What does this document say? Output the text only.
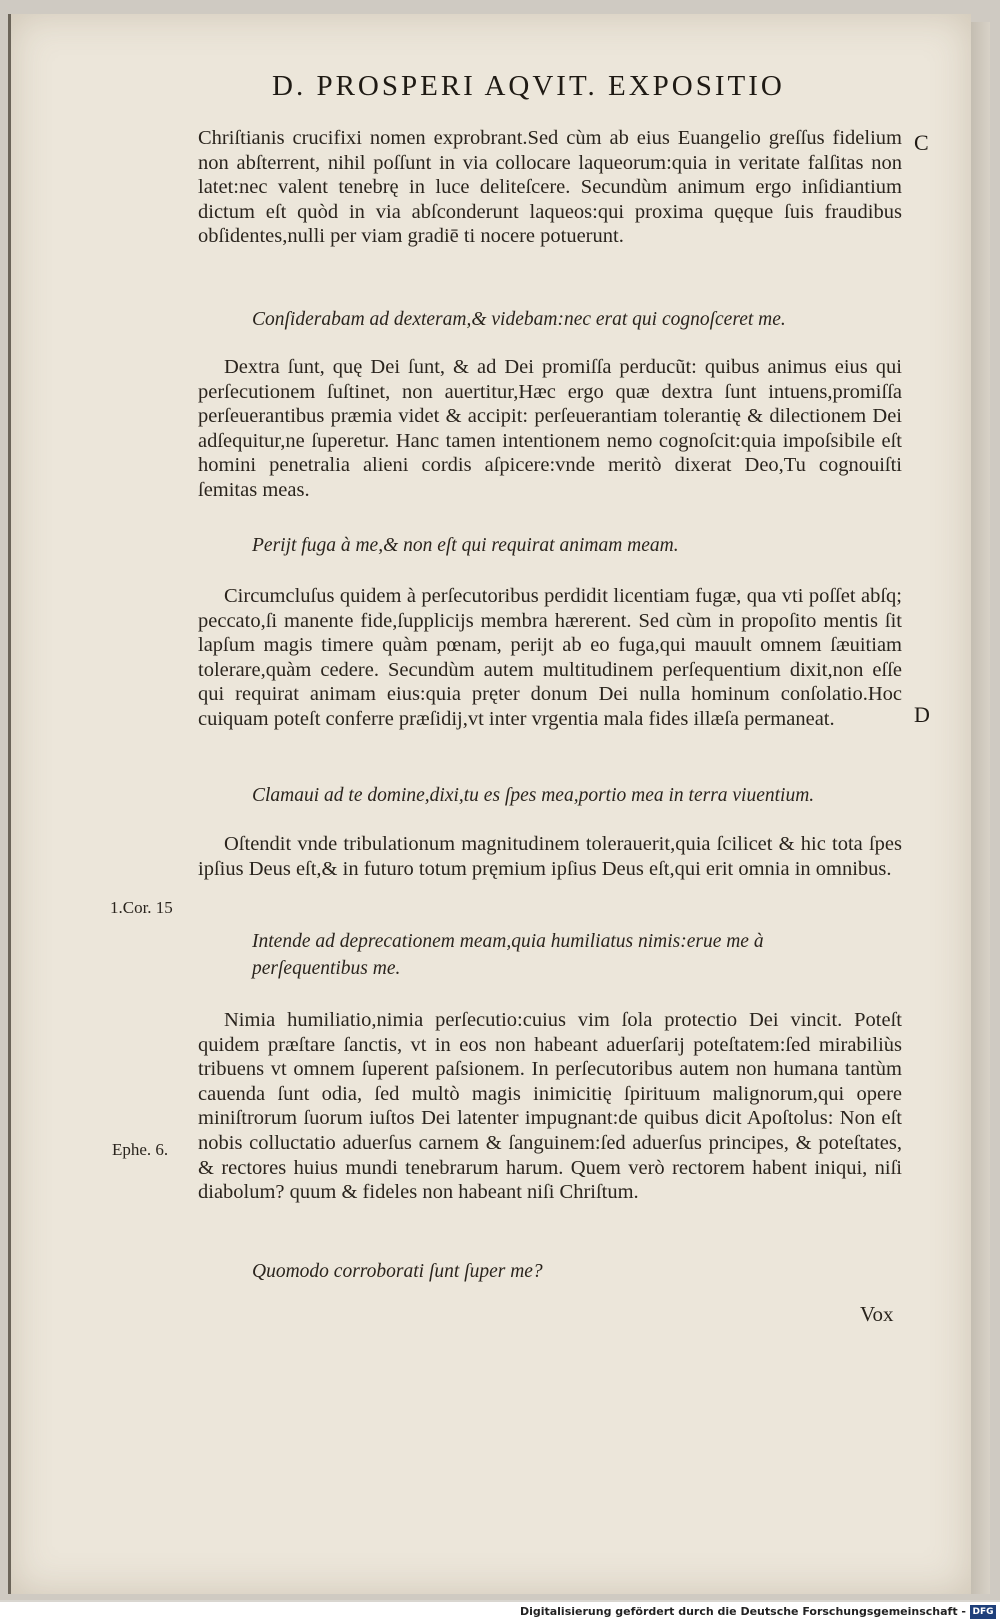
D. PROSPERI AQVIT. EXPOSITIO
C
D
1.Cor. 15
Ephe. 6.
Chriſtianis crucifixi nomen exprobrant.Sed cùm ab eius Euangelio greſſus fidelium non abſterrent, nihil poſſunt in via collocare laqueorum:quia in veritate falſitas non latet:nec valent tenebrę in luce deliteſcere. Secundùm animum ergo inſidiantium dictum eſt quòd in via abſconderunt laqueos:qui proxima quęque ſuis fraudibus obſidentes,nulli per viam gradiē ti nocere potuerunt.
Conſiderabam ad dexteram,& videbam:nec erat qui cognoſceret me.
Dextra ſunt, quę Dei ſunt, & ad Dei promiſſa perducũt: quibus animus eius qui perſecutionem ſuſtinet, non auertitur,Hæc ergo quæ dextra ſunt intuens,promiſſa perſeuerantibus præmia videt & accipit: perſeuerantiam tolerantię & dilectionem Dei adſequitur,ne ſuperetur. Hanc tamen intentionem nemo cognoſcit:quia impoſsibile eſt homini penetralia alieni cordis aſpicere:vnde meritò dixerat Deo,Tu cognouiſti ſemitas meas.
Perijt fuga à me,& non eſt qui requirat animam meam.
Circumcluſus quidem à perſecutoribus perdidit licentiam fugæ, qua vti poſſet abſq; peccato,ſi manente fide,ſupplicijs membra hærerent. Sed cùm in propoſito mentis ſit lapſum magis timere quàm pœnam, perijt ab eo fuga,qui mauult omnem ſæuitiam tolerare,quàm cedere. Secundùm autem multitudinem perſequentium dixit,non eſſe qui requirat animam eius:quia pręter donum Dei nulla hominum conſolatio.Hoc cuiquam poteſt conferre præſidij,vt inter vrgentia mala fides illæſa permaneat.
Clamaui ad te domine,dixi,tu es ſpes mea,portio mea in terra viuentium.
Oſtendit vnde tribulationum magnitudinem tolerauerit,quia ſcilicet & hic tota ſpes ipſius Deus eſt,& in futuro totum pręmium ipſius Deus eſt,qui erit omnia in omnibus.
Intende ad deprecationem meam,quia humiliatus nimis:erue me à perſequentibus me.
Nimia humiliatio,nimia perſecutio:cuius vim ſola protectio Dei vincit. Poteſt quidem præſtare ſanctis, vt in eos non habeant aduerſarij poteſtatem:ſed mirabiliùs tribuens vt omnem ſuperent paſsionem. In perſecutoribus autem non humana tantùm cauenda ſunt odia, ſed multò magis inimicitię ſpirituum malignorum,qui opere miniſtrorum ſuorum iuſtos Dei latenter impugnant:de quibus dicit Apoſtolus: Non eſt nobis colluctatio aduerſus carnem & ſanguinem:ſed aduerſus principes, & poteſtates, & rectores huius mundi tenebrarum harum. Quem verò rectorem habent iniqui, niſi diabolum? quum & fideles non habeant niſi Chriſtum.
Quomodo corroborati ſunt ſuper me?
Vox
Digitalisierung gefördert durch die Deutsche Forschungsgemeinschaft - DFG
